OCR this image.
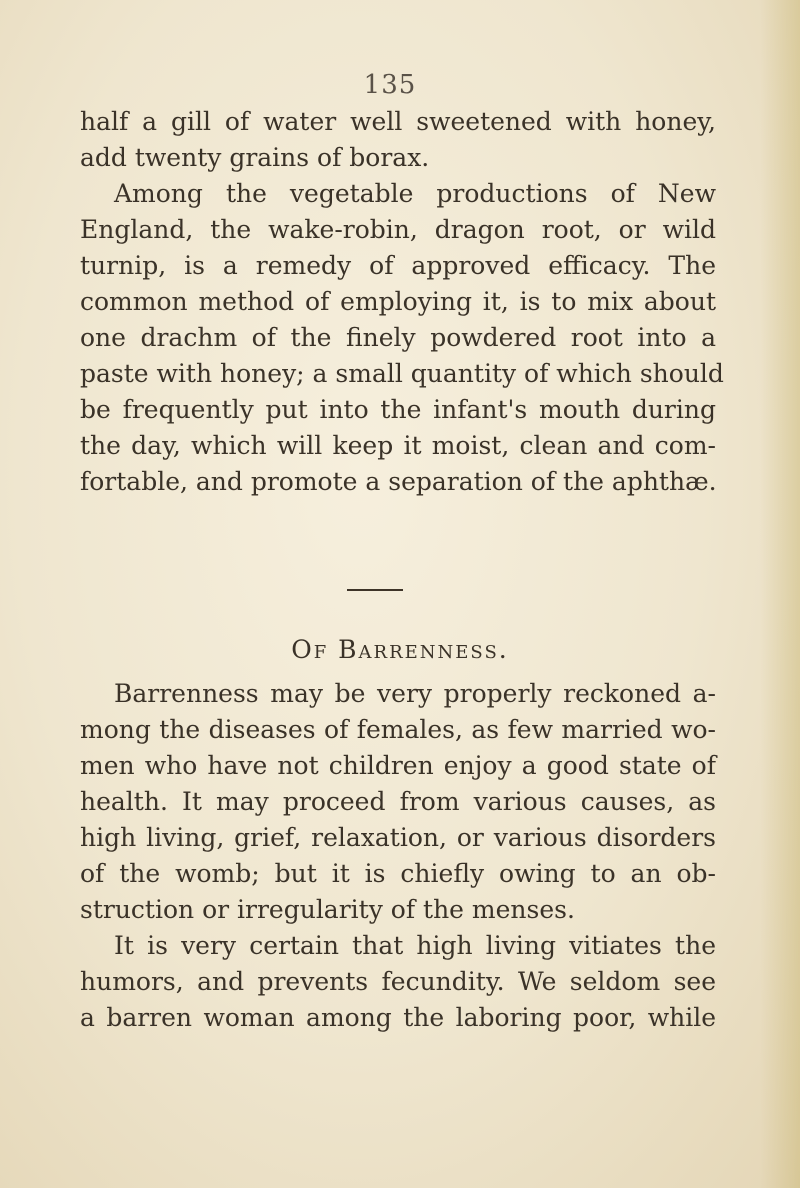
135
half a gill of water well sweetened with honey,
add twenty grains of borax.
Among the vegetable productions of New
England, the wake-robin, dragon root, or wild
turnip, is a remedy of approved efficacy. The
common method of employing it, is to mix about
one drachm of the finely powdered root into a
paste with honey; a small quantity of which should
be frequently put into the infant's mouth during
the day, which will keep it moist, clean and com-
fortable, and promote a separation of the aphthæ.
Of Barrenness.
Barrenness may be very properly reckoned a-
mong the diseases of females, as few married wo-
men who have not children enjoy a good state of
health. It may proceed from various causes, as
high living, grief, relaxation, or various disorders
of the womb; but it is chiefly owing to an ob-
struction or irregularity of the menses.
It is very certain that high living vitiates the
humors, and prevents fecundity. We seldom see
a barren woman among the laboring poor, while
